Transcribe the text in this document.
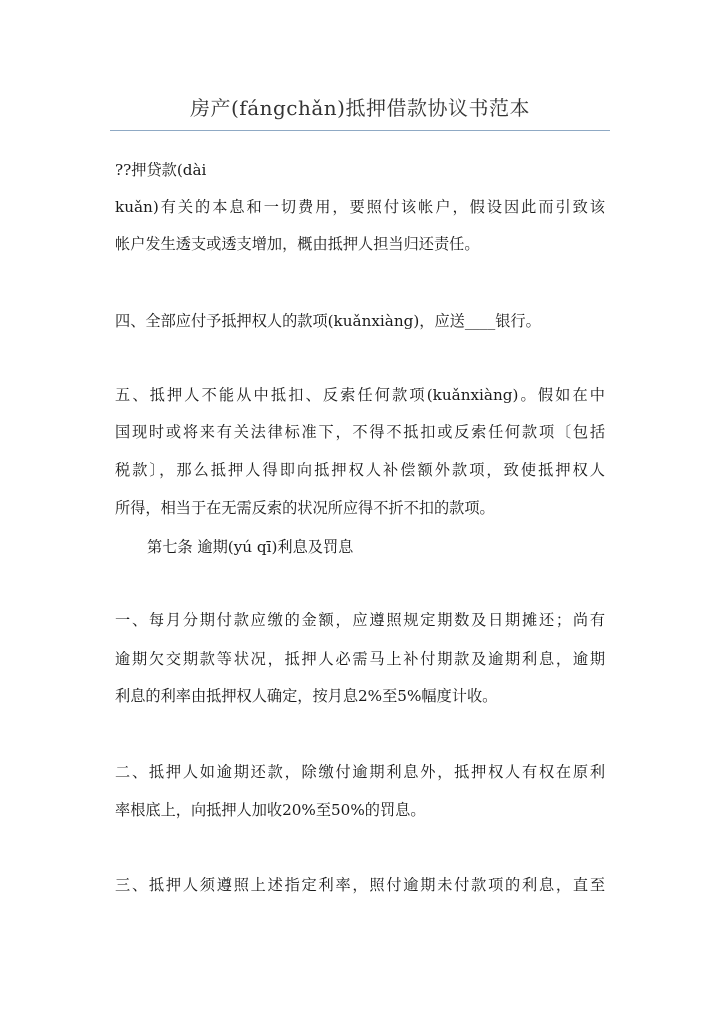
房产(fángchǎn)抵押借款协议书范本
??押贷款(dài
kuǎn)有关的本息和一切费用，要照付该帐户，假设因此而引致该
帐户发生透支或透支增加，概由抵押人担当归还责任。
四、全部应付予抵押权人的款项(kuǎnxiàng)，应送____银行。
五、抵押人不能从中抵扣、反索任何款项(kuǎnxiàng)。假如在中
国现时或将来有关法律标准下，不得不抵扣或反索任何款项〔包括
税款〕，那么抵押人得即向抵押权人补偿额外款项，致使抵押权人
所得，相当于在无需反索的状况所应得不折不扣的款项。
第七条 逾期(yú qī)利息及罚息
一、每月分期付款应缴的金额，应遵照规定期数及日期摊还；尚有
逾期欠交期款等状况，抵押人必需马上补付期款及逾期利息，逾期
利息的利率由抵押权人确定，按月息2%至5%幅度计收。
二、抵押人如逾期还款，除缴付逾期利息外，抵押权人有权在原利
率根底上，向抵押人加收20%至50%的罚息。
三、抵押人须遵照上述指定利率，照付逾期未付款项的利息，直至
